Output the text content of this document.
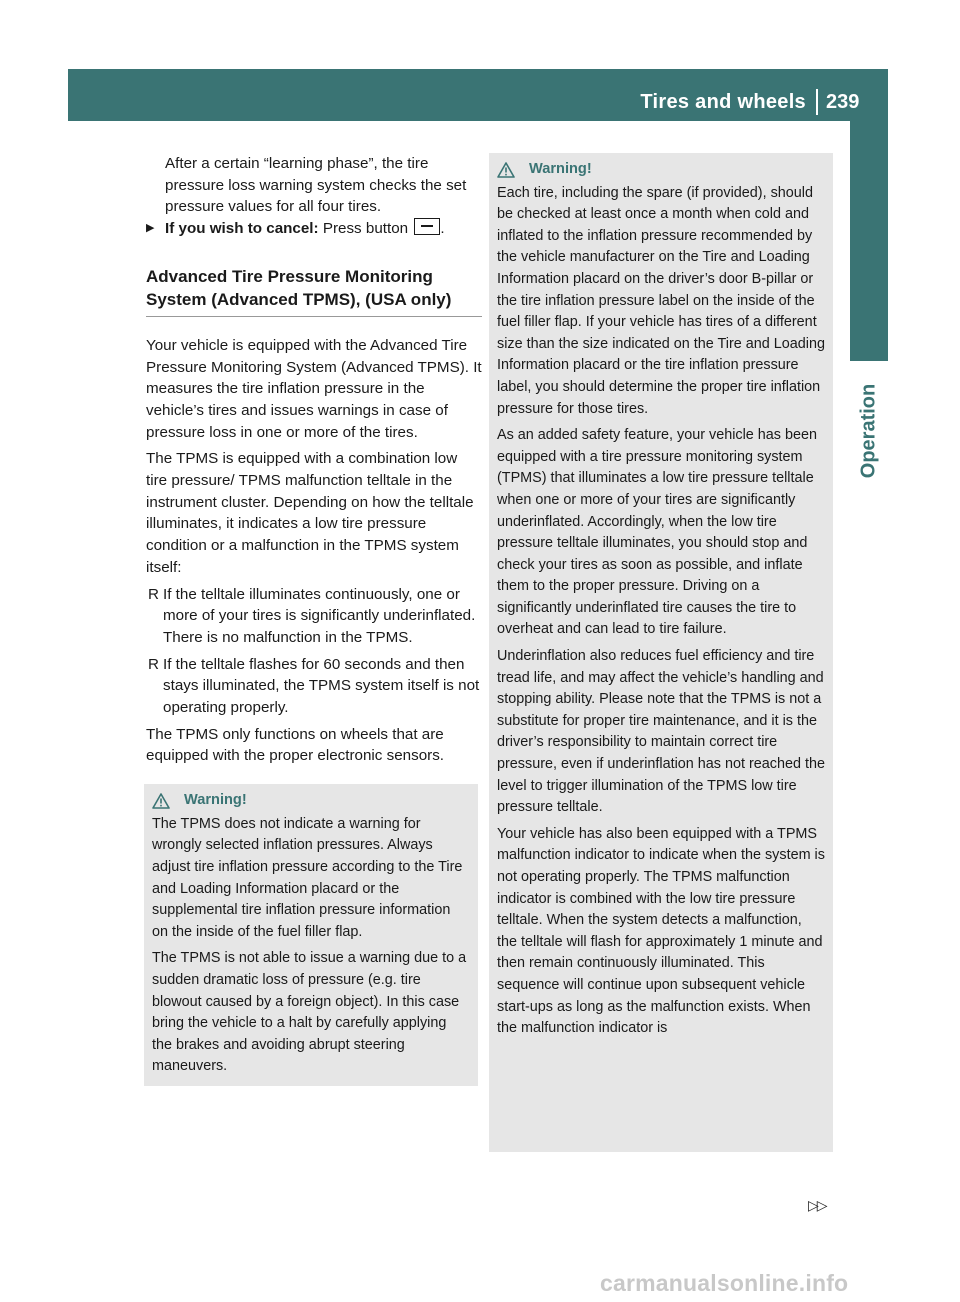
Tires and wheels	239
Operation

After a certain “learning phase”, the tire pressure loss warning system checks the set pressure values for all four tires.

▶ If you wish to cancel: Press button .
Advanced Tire Pressure Monitoring System (Advanced TPMS), (USA only)

Your vehicle is equipped with the Advanced Tire Pressure Monitoring System (Advanced TPMS). It measures the tire inflation pressure in the vehicle’s tires and issues warnings in case of pressure loss in one or more of the tires.

The TPMS is equipped with a combination low tire pressure/ TPMS malfunction telltale in the instrument cluster. Depending on how the telltale illuminates, it indicates a low tire pressure condition or a malfunction in the TPMS system itself:

R If the telltale illuminates continuously, one or more of your tires is significantly underinflated. There is no malfunction in the TPMS.
R If the telltale flashes for 60 seconds and then stays illuminated, the TPMS system itself is not operating properly.

The TPMS only functions on wheels that are equipped with the proper electronic sensors.

Warning!

The TPMS does not indicate a warning for wrongly selected inflation pressures. Always adjust tire inflation pressure according to the Tire and Loading Information placard or the supplemental tire inflation pressure information on the inside of the fuel filler flap.

The TPMS is not able to issue a warning due to a sudden dramatic loss of pressure (e.g. tire blowout caused by a foreign object). In this case bring the vehicle to a halt by carefully applying the brakes and avoiding abrupt steering maneuvers.

Warning!

Each tire, including the spare (if provided), should be checked at least once a month when cold and inflated to the inflation pressure recommended by the vehicle manufacturer on the Tire and Loading Information placard on the driver’s door B-pillar or the tire inflation pressure label on the inside of the fuel filler flap. If your vehicle has tires of a different size than the size indicated on the Tire and Loading Information placard or the tire inflation pressure label, you should determine the proper tire inflation pressure for those tires.

As an added safety feature, your vehicle has been equipped with a tire pressure monitoring system (TPMS) that illuminates a low tire pressure telltale when one or more of your tires are significantly underinflated. Accordingly, when the low tire pressure telltale illuminates, you should stop and check your tires as soon as possible, and inflate them to the proper pressure. Driving on a significantly underinflated tire causes the tire to overheat and can lead to tire failure.

Underinflation also reduces fuel efficiency and tire tread life, and may affect the vehicle’s handling and stopping ability. Please note that the TPMS is not a substitute for proper tire maintenance, and it is the driver’s responsibility to maintain correct tire pressure, even if underinflation has not reached the level to trigger illumination of the TPMS low tire pressure telltale.

Your vehicle has also been equipped with a TPMS malfunction indicator to indicate when the system is not operating properly. The TPMS malfunction indicator is combined with the low tire pressure telltale. When the system detects a malfunction, the telltale will flash for approximately 1 minute and then remain continuously illuminated. This sequence will continue upon subsequent vehicle start-ups as long as the malfunction exists. When the malfunction indicator is

▷▷
carmanualsonline.info
